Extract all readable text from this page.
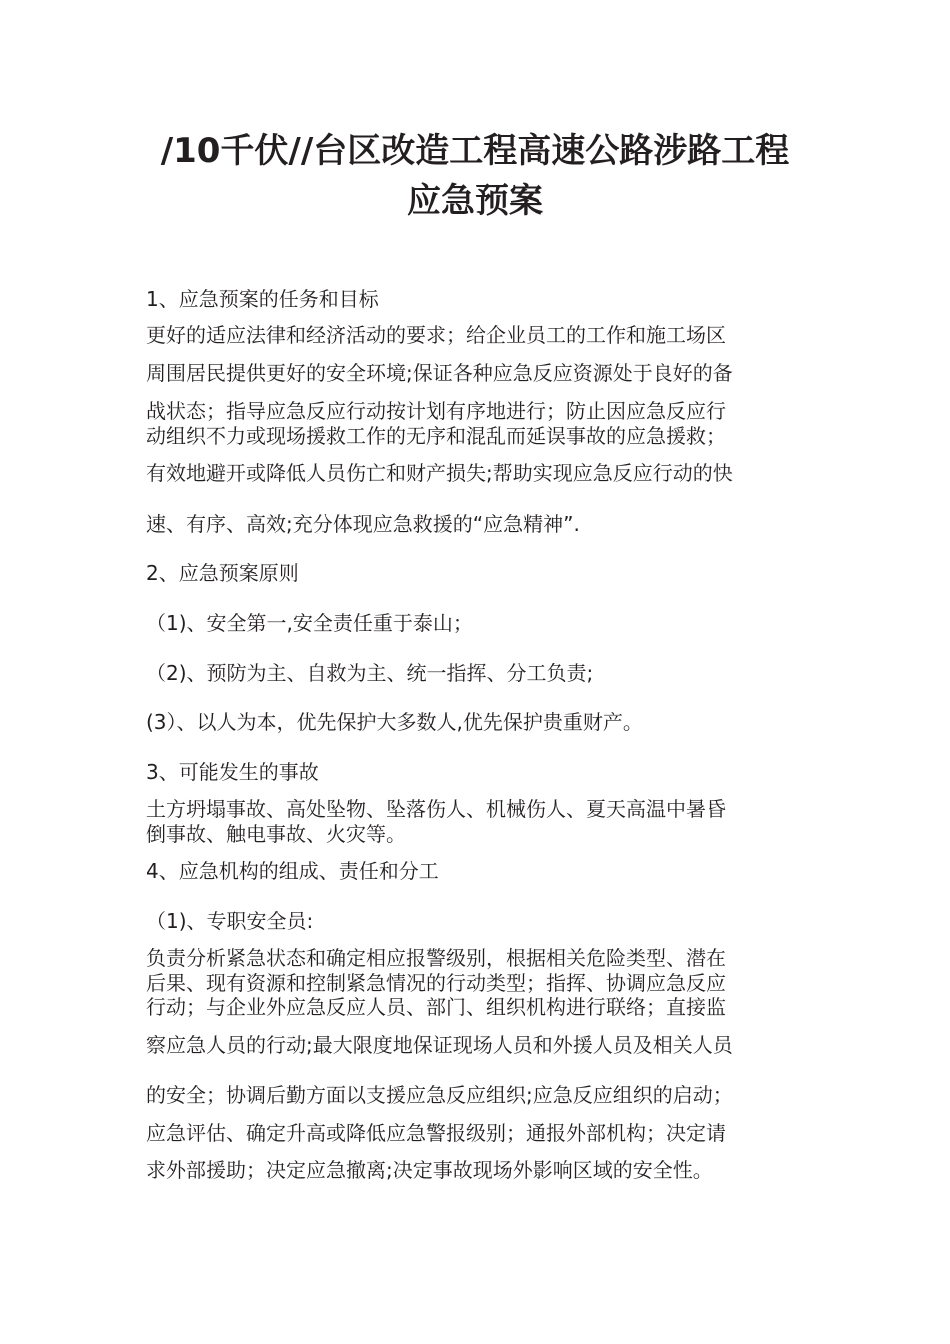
/10千伏//台区改造工程高速公路涉路工程
应急预案

1、应急预案的任务和目标

更好的适应法律和经济活动的要求；给企业员工的工作和施工场区

周围居民提供更好的安全环境;保证各种应急反应资源处于良好的备

战状态；指导应急反应行动按计划有序地进行；防止因应急反应行

动组织不力或现场援救工作的无序和混乱而延误事故的应急援救；

有效地避开或降低人员伤亡和财产损失;帮助实现应急反应行动的快

速、有序、高效;充分体现应急救援的“应急精神”.

2、应急预案原则

（1)、安全第一,安全责任重于泰山；

（2)、预防为主、自救为主、统一指挥、分工负责;

(3）、以人为本，优先保护大多数人,优先保护贵重财产。

3、可能发生的事故

土方坍塌事故、高处坠物、坠落伤人、机械伤人、夏天高温中暑昏

倒事故、触电事故、火灾等。

4、应急机构的组成、责任和分工

（1)、专职安全员:

负责分析紧急状态和确定相应报警级别，根据相关危险类型、潜在

后果、现有资源和控制紧急情况的行动类型；指挥、协调应急反应

行动；与企业外应急反应人员、部门、组织机构进行联络；直接监

察应急人员的行动;最大限度地保证现场人员和外援人员及相关人员

的安全；协调后勤方面以支援应急反应组织;应急反应组织的启动；

应急评估、确定升高或降低应急警报级别；通报外部机构；决定请

求外部援助；决定应急撤离;决定事故现场外影响区域的安全性。
